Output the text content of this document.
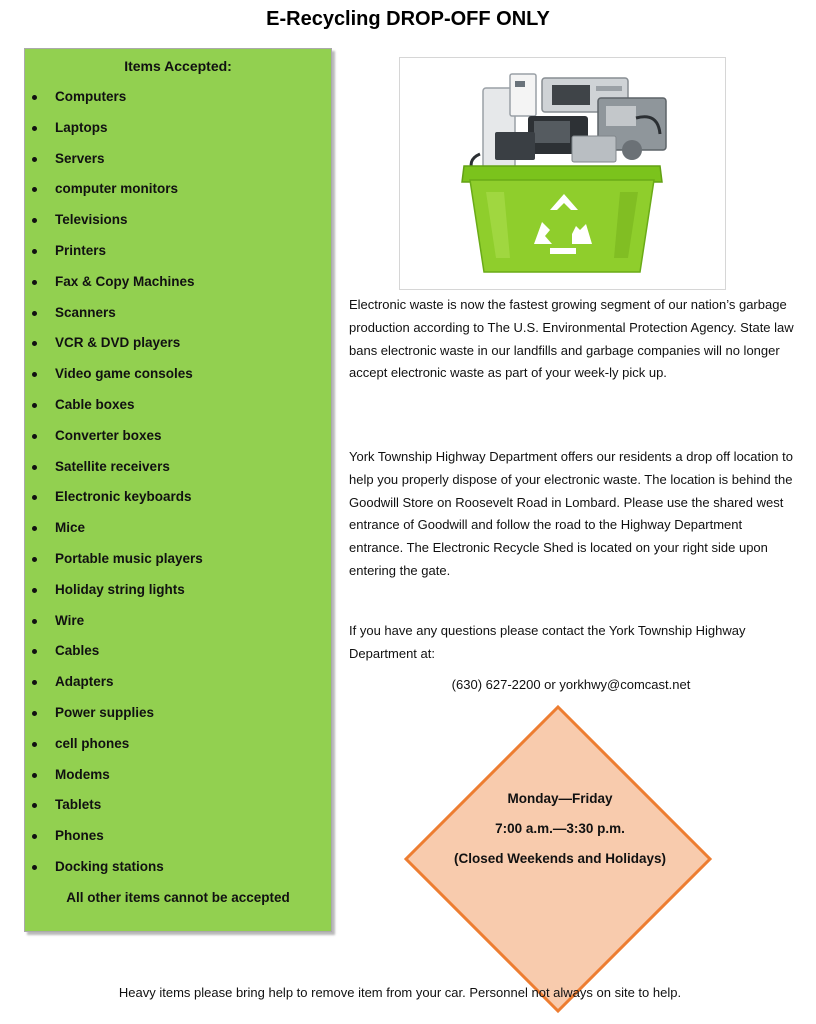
E-Recycling DROP-OFF ONLY
Items Accepted:
Computers
Laptops
Servers
computer monitors
Televisions
Printers
Fax & Copy Machines
Scanners
VCR & DVD players
Video game consoles
Cable boxes
Converter boxes
Satellite receivers
Electronic keyboards
Mice
Portable music players
Holiday string lights
Wire
Cables
Adapters
Power supplies
cell phones
Modems
Tablets
Phones
Docking stations
All other items cannot be accepted

Electronic waste is now the fastest growing segment of our nation’s garbage production according to The U.S. Environmental Protection Agency. State law bans electronic waste in our landfills and garbage companies will no longer accept electronic waste as part of your week-ly pick up.

York Township Highway Department offers our residents a drop off location to help you properly dispose of your electronic waste. The location is behind the Goodwill Store on Roosevelt Road in Lombard. Please use the shared west entrance of Goodwill and follow the road to the Highway Department entrance. The Electronic Recycle Shed is located on your right side upon entering the gate.

If you have any questions please contact the York Township Highway Department at:

(630) 627-2200 or yorkhwy@comcast.net
Monday—Friday
7:00 a.m.—3:30 p.m.
(Closed Weekends and Holidays)
Heavy items please bring help to remove item from your car. Personnel not always on site to help.
